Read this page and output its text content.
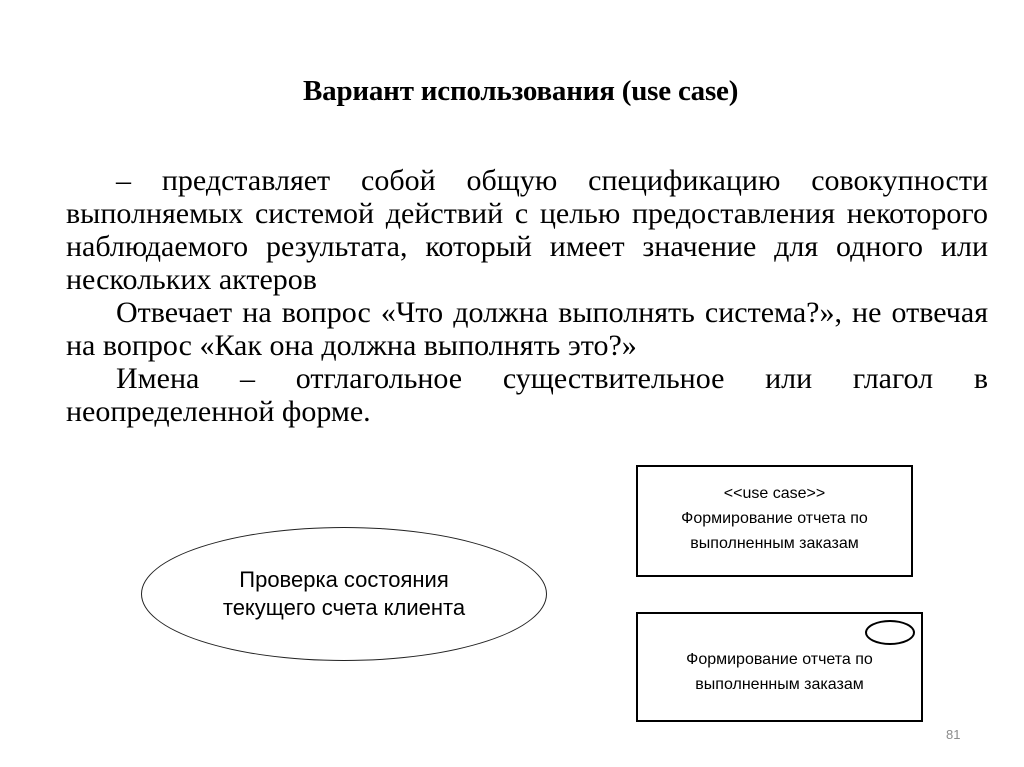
Вариант использования (use case)

– представляет собой общую спецификацию совокупности выполняемых системой действий с целью предоставления некоторого наблюдаемого результата, который имеет значение для одного или нескольких актеров

Отвечает на вопрос «Что должна выполнять система?», не отвечая на вопрос «Как она должна выполнять это?»

Имена – отглагольное существительное или глагол в неопределенной форме.

Проверка состояния
текущего счета клиента
<<use case>>
Формирование отчета по
выполненным заказам
Формирование отчета по
выполненным заказам
81
